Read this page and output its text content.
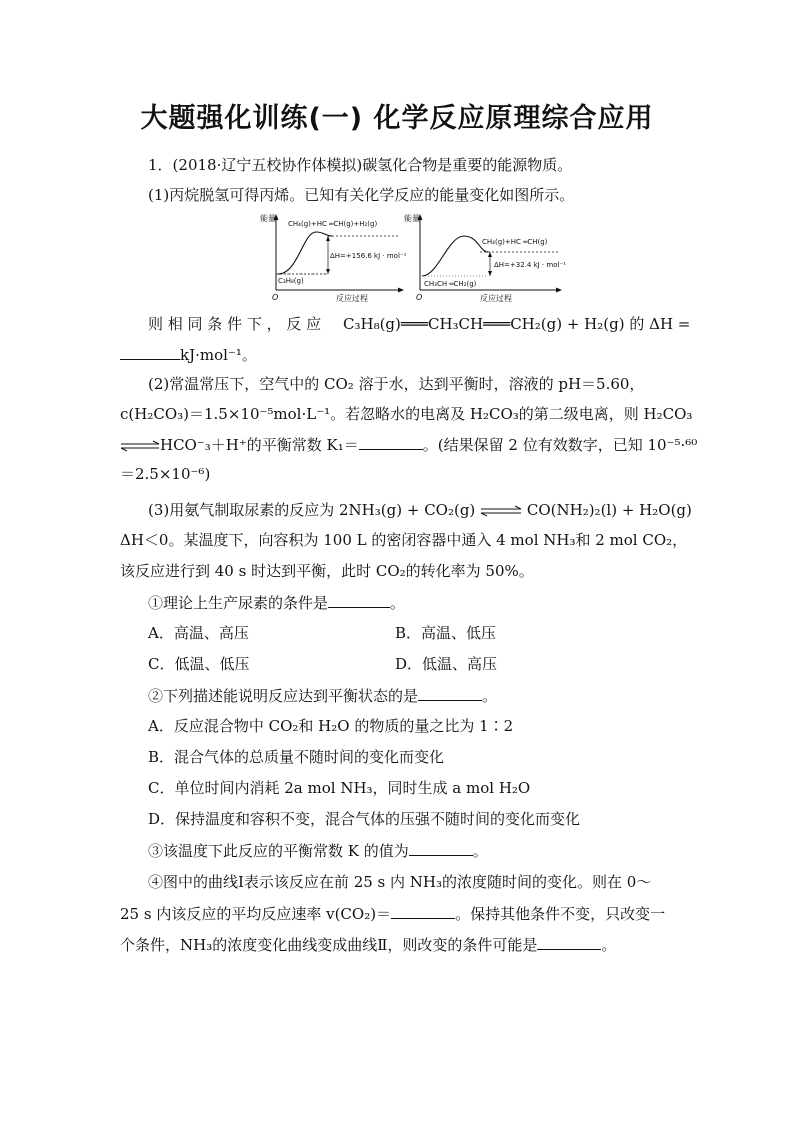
大题强化训练(一) 化学反应原理综合应用
1．(2018·辽宁五校协作体模拟)碳氢化合物是重要的能源物质。
(1)丙烷脱氢可得丙烯。已知有关化学反应的能量变化如图所示。
能量
O	反应过程
CH₄(g)+HC ═CH(g)+H₂(g)
ΔH=+156.6 kJ · mol⁻¹
C₃H₈(g)
能量
O	反应过程
CH₄(g)+HC ═CH(g)
ΔH=+32.4 kJ · mol⁻¹
CH₃CH ═CH₂(g)
则 相 同 条 件 下 ， 反 应 C₃H₈(g)═══CH₃CH═══CH₂(g) + H₂(g) 的 ΔH =
kJ·mol⁻¹。
(2)常温常压下，空气中的 CO₂ 溶于水，达到平衡时，溶液的 pH＝5.60，
c(H₂CO₃)＝1.5×10⁻⁵mol·L⁻¹。若忽略水的电离及 H₂CO₃的第二级电离，则 H₂CO₃
⇌HCO⁻₃＋H⁺的平衡常数 K₁＝	。(结果保留 2 位有效数字，已知 10⁻⁵·⁶⁰
＝2.5×10⁻⁶)
(3)用氨气制取尿素的反应为 2NH₃(g) + CO₂(g) ⇌ CO(NH₂)₂(l) + H₂O(g)
ΔH＜0。某温度下，向容积为 100 L 的密闭容器中通入 4 mol NH₃和 2 mol CO₂，
该反应进行到 40 s 时达到平衡，此时 CO₂的转化率为 50%。
①理论上生产尿素的条件是	。
A．高温、高压	B．高温、低压
C．低温、低压	D．低温、高压
②下列描述能说明反应达到平衡状态的是	。
A．反应混合物中 CO₂和 H₂O 的物质的量之比为 1∶2
B．混合气体的总质量不随时间的变化而变化
C．单位时间内消耗 2a mol NH₃，同时生成 a mol H₂O
D．保持温度和容积不变，混合气体的压强不随时间的变化而变化
③该温度下此反应的平衡常数 K 的值为	。
④图中的曲线Ⅰ表示该反应在前 25 s 内 NH₃的浓度随时间的变化。则在 0～
25 s 内该反应的平均反应速率 v(CO₂)＝	。保持其他条件不变，只改变一
个条件，NH₃的浓度变化曲线变成曲线Ⅱ，则改变的条件可能是	。
